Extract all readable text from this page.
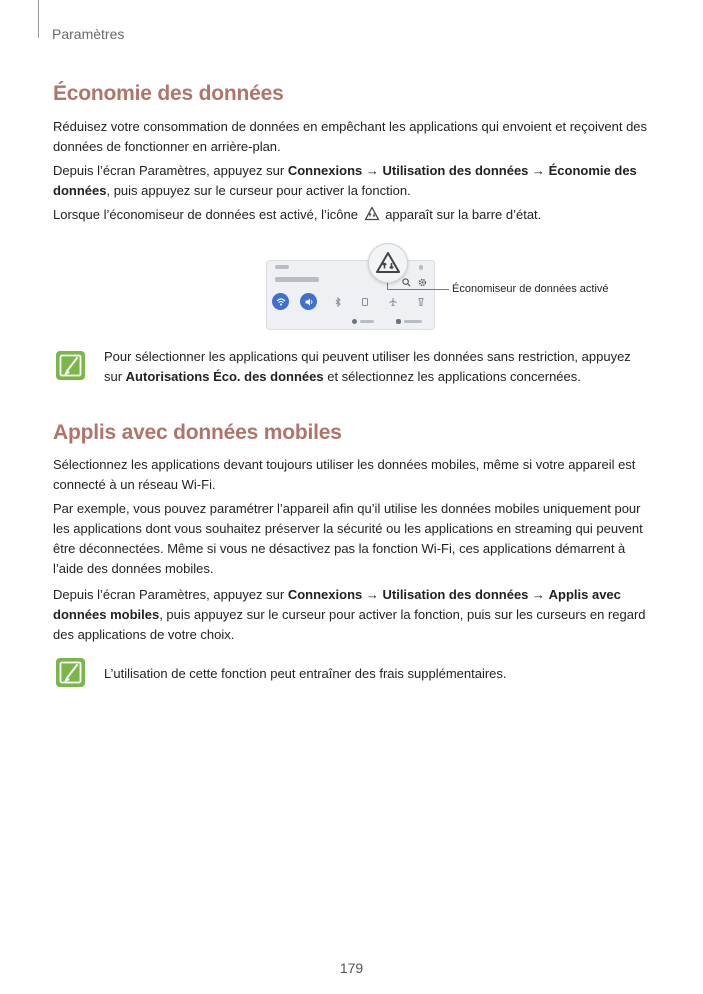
Paramètres
Économie des données

Réduisez votre consommation de données en empêchant les applications qui envoient et reçoivent des données de fonctionner en arrière-plan.

Depuis l’écran Paramètres, appuyez sur Connexions → Utilisation des données → Économie des données, puis appuyez sur le curseur pour activer la fonction.

Lorsque l’économiseur de données est activé, l’icône  apparaît sur la barre d’état.

Économiseur de données activé

Pour sélectionner les applications qui peuvent utiliser les données sans restriction, appuyez sur Autorisations Éco. des données et sélectionnez les applications concernées.

Applis avec données mobiles

Sélectionnez les applications devant toujours utiliser les données mobiles, même si votre appareil est connecté à un réseau Wi-Fi.

Par exemple, vous pouvez paramétrer l’appareil afin qu’il utilise les données mobiles uniquement pour les applications dont vous souhaitez préserver la sécurité ou les applications en streaming qui peuvent être déconnectées. Même si vous ne désactivez pas la fonction Wi-Fi, ces applications démarrent à l’aide des données mobiles.

Depuis l’écran Paramètres, appuyez sur Connexions → Utilisation des données → Applis avec données mobiles, puis appuyez sur le curseur pour activer la fonction, puis sur les curseurs en regard des applications de votre choix.

L’utilisation de cette fonction peut entraîner des frais supplémentaires.

179
